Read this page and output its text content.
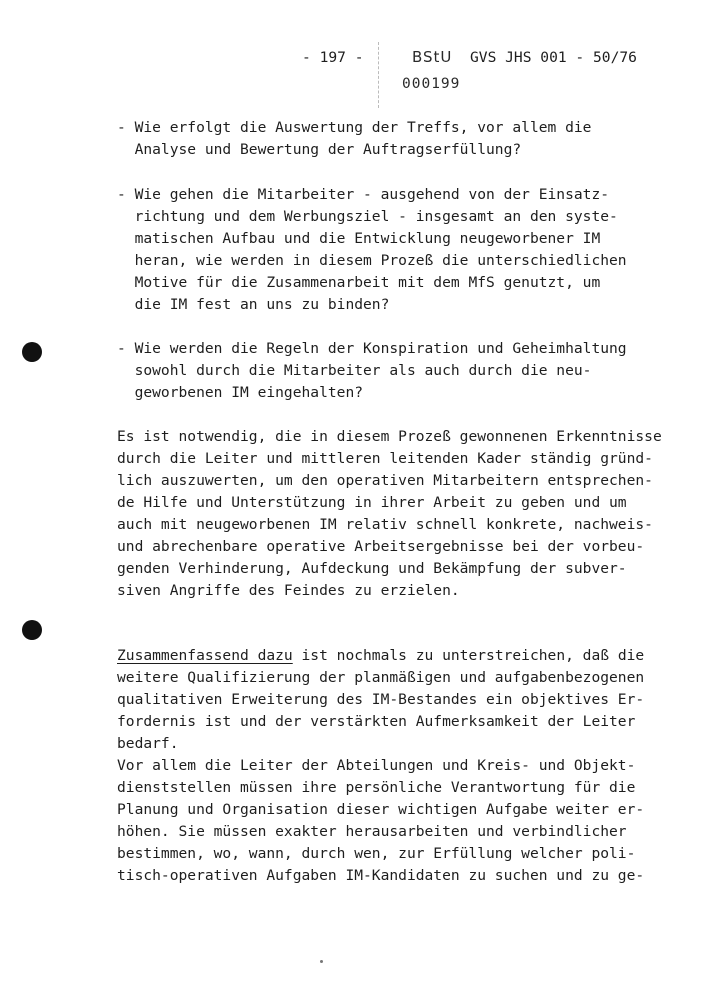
- 197 -	BStU
000199
GVS JHS 001 - 50/76
- Wie erfolgt die Auswertung der Treffs, vor allem die
Analyse und Bewertung der Auftragserfüllung?
- Wie gehen die Mitarbeiter - ausgehend von der Einsatz-
richtung und dem Werbungsziel - insgesamt an den syste-
matischen Aufbau und die Entwicklung neugeworbener IM
heran, wie werden in diesem Prozeß die unterschiedlichen
Motive für die Zusammenarbeit mit dem MfS genutzt, um
die IM fest an uns zu binden?
- Wie werden die Regeln der Konspiration und Geheimhaltung
sowohl durch die Mitarbeiter als auch durch die neu-
geworbenen IM eingehalten?
Es ist notwendig, die in diesem Prozeß gewonnenen Erkenntnisse
durch die Leiter und mittleren leitenden Kader ständig gründ-
lich auszuwerten, um den operativen Mitarbeitern entsprechen-
de Hilfe und Unterstützung in ihrer Arbeit zu geben und um
auch mit neugeworbenen IM relativ schnell konkrete, nachweis-
und abrechenbare operative Arbeitsergebnisse bei der vorbeu-
genden Verhinderung, Aufdeckung und Bekämpfung der subver-
siven Angriffe des Feindes zu erzielen.
Zusammenfassend dazu ist nochmals zu unterstreichen, daß die
weitere Qualifizierung der planmäßigen und aufgabenbezogenen
qualitativen Erweiterung des IM-Bestandes ein objektives Er-
fordernis ist und der verstärkten Aufmerksamkeit der Leiter
bedarf.
Vor allem die Leiter der Abteilungen und Kreis- und Objekt-
dienststellen müssen ihre persönliche Verantwortung für die
Planung und Organisation dieser wichtigen Aufgabe weiter er-
höhen. Sie müssen exakter herausarbeiten und verbindlicher
bestimmen, wo, wann, durch wen, zur Erfüllung welcher poli-
tisch-operativen Aufgaben IM-Kandidaten zu suchen und zu ge-
